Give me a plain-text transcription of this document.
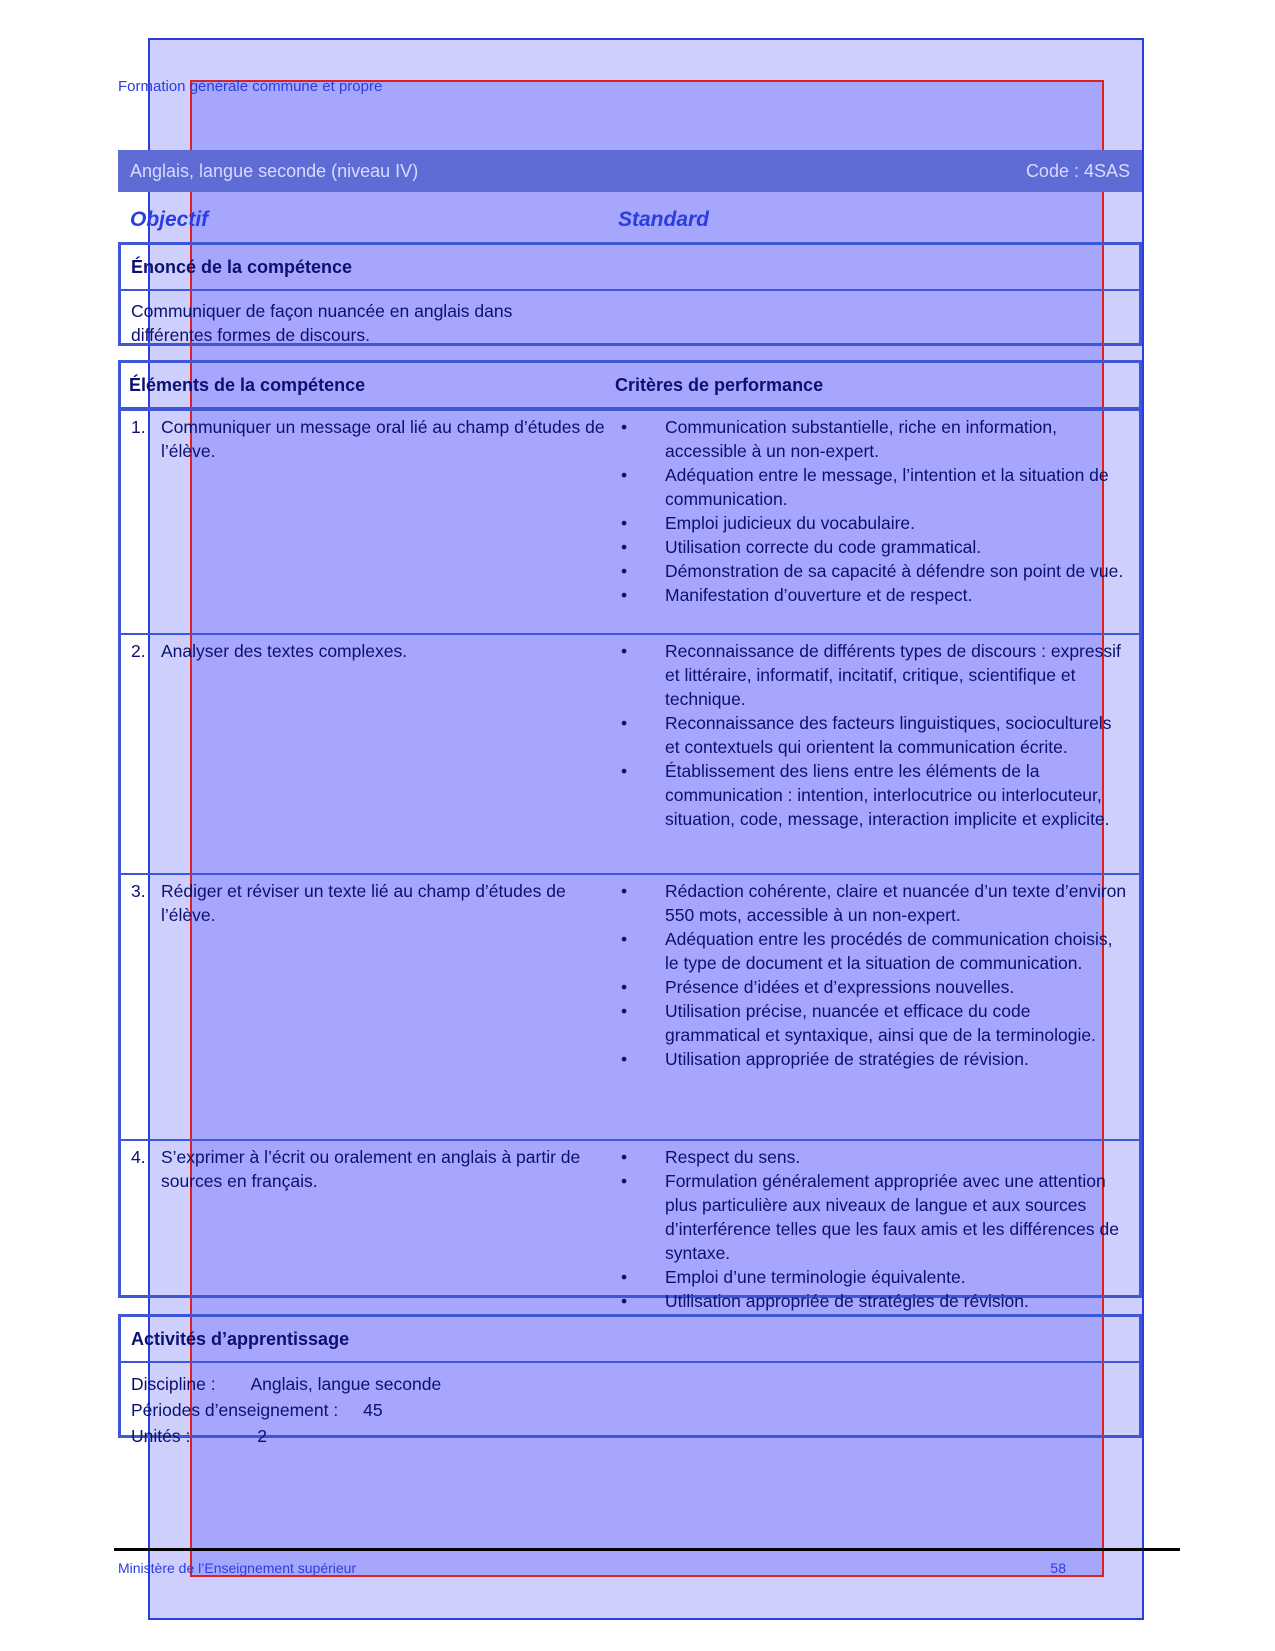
Formation générale commune et propre
Anglais, langue seconde (niveau IV)	Code : 4SAS
Objectif	Standard
Énoncé de la compétence
Communiquer de façon nuancée en anglais dans
différentes formes de discours.
Éléments de la compétence	Critères de performance
1. Communiquer un message oral lié au champ d’études de l’élève.
• Communication substantielle, riche en information, accessible à un non-expert.
• Adéquation entre le message, l’intention et la situation de communication.
• Emploi judicieux du vocabulaire.
• Utilisation correcte du code grammatical.
• Démonstration de sa capacité à défendre son point de vue.
• Manifestation d’ouverture et de respect.
2. Analyser des textes complexes.	• Reconnaissance de différents types de discours : expressif et littéraire, informatif, incitatif, critique, scientifique et technique.
• Reconnaissance des facteurs linguistiques, socioculturels et contextuels qui orientent la communication écrite.
• Établissement des liens entre les éléments de la communication : intention, interlocutrice ou interlocuteur, situation, code, message, interaction implicite et explicite.
3. Rédiger et réviser un texte lié au champ d’études de l’élève.
• Rédaction cohérente, claire et nuancée d’un texte d’environ 550 mots, accessible à un non-expert.
• Adéquation entre les procédés de communication choisis, le type de document et la situation de communication.
• Présence d’idées et d’expressions nouvelles.
• Utilisation précise, nuancée et efficace du code grammatical et syntaxique, ainsi que de la terminologie.
• Utilisation appropriée de stratégies de révision.
4. S’exprimer à l’écrit ou oralement en anglais à partir de sources en français.
• Respect du sens.
• Formulation généralement appropriée avec une attention plus particulière aux niveaux de langue et aux sources d’interférence telles que les faux amis et les différences de syntaxe.
• Emploi d’une terminologie équivalente.
• Utilisation appropriée de stratégies de révision.
Activités d’apprentissage
Discipline : Anglais, langue seconde
Périodes d’enseignement : 45
Unités :	2
Ministère de l’Enseignement supérieur	58
